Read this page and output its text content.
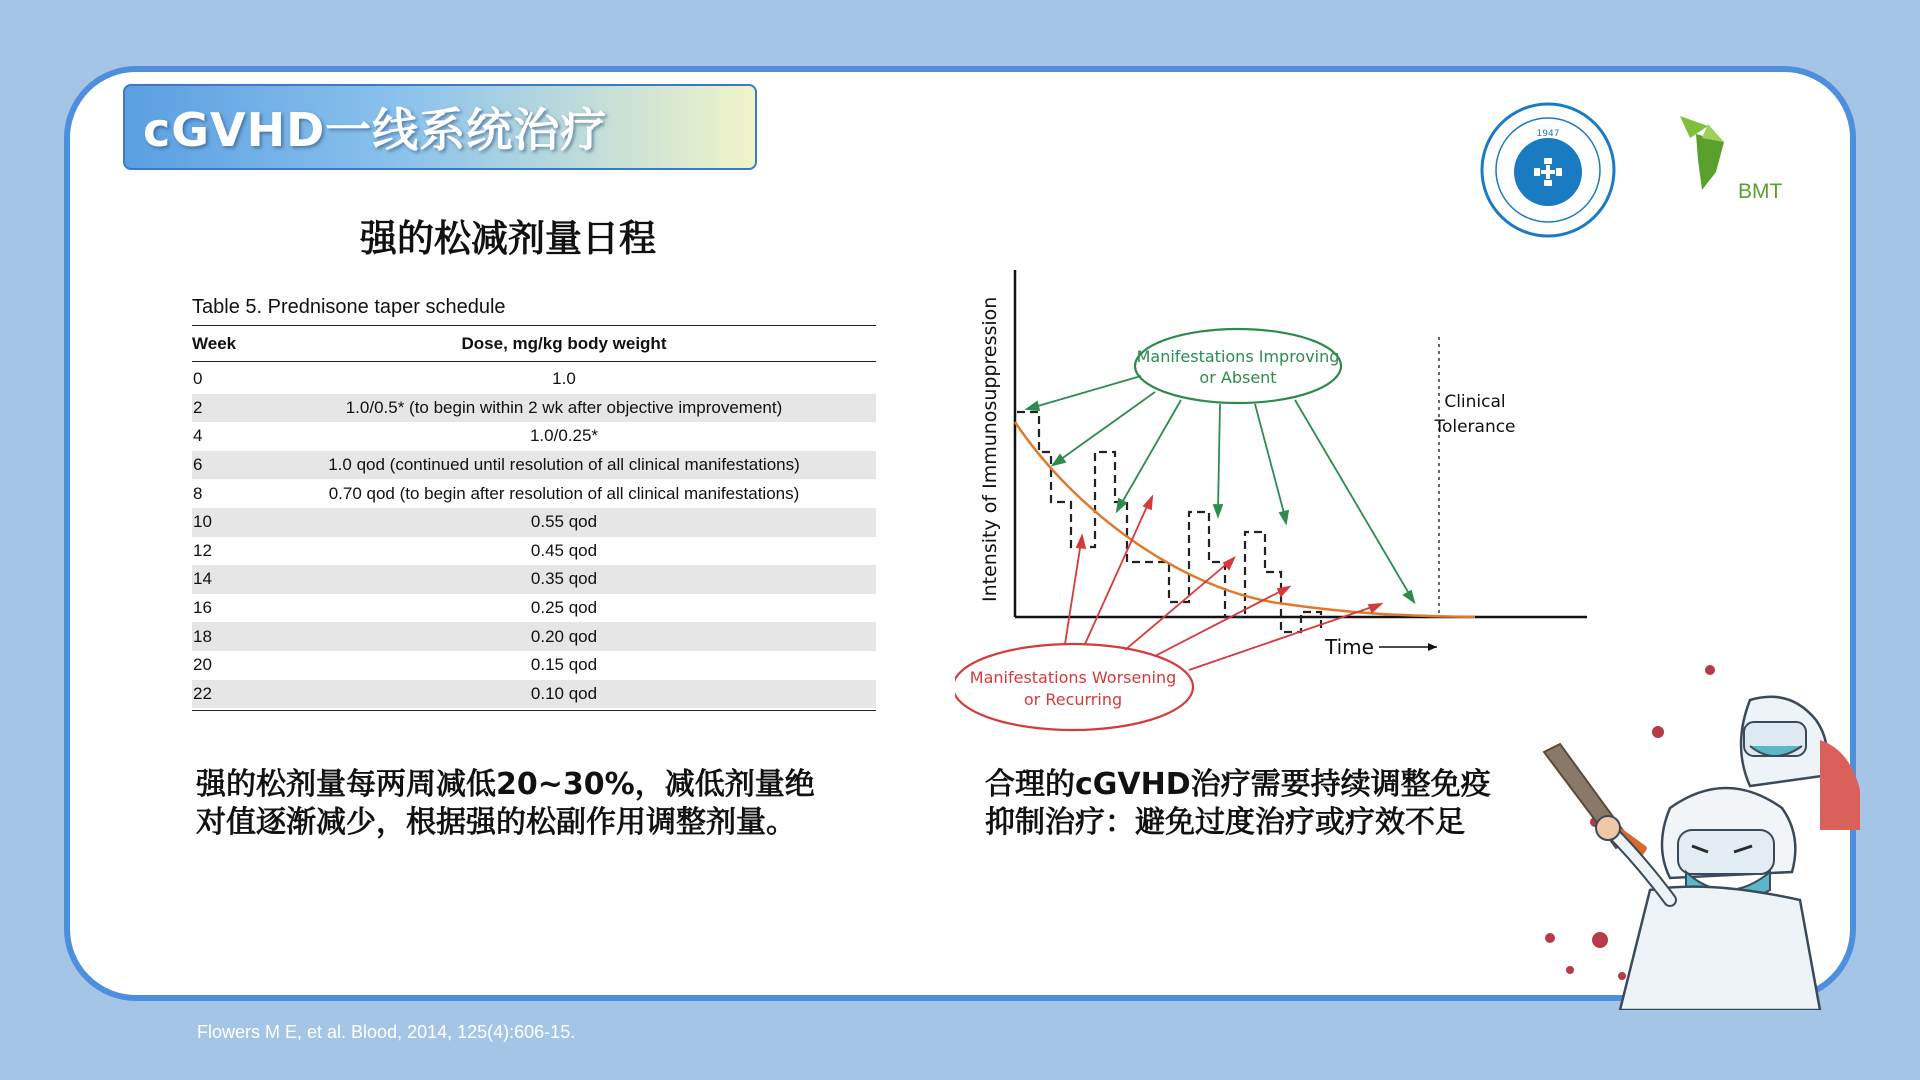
cGVHD一线系统治疗
强的松减剂量日程
1947
BMT
Table 5. Prednisone taper schedule
Week	Dose, mg/kg body weight
0	1.0
2	1.0/0.5* (to begin within 2 wk after objective improvement)
4	1.0/0.25*
6	1.0 qod (continued until resolution of all clinical manifestations)
8	0.70 qod (to begin after resolution of all clinical manifestations)
10	0.55 qod
12	0.45 qod
14	0.35 qod
16	0.25 qod
18	0.20 qod
20	0.15 qod
22	0.10 qod
Intensity of Immunosuppression
Time
Clinical
Tolerance
Manifestations Improving
or Absent
Manifestations Worsening
or Recurring
强的松剂量每两周减低20~30%，减低剂量绝
对值逐渐减少，根据强的松副作用调整剂量。
合理的cGVHD治疗需要持续调整免疫
抑制治疗：避免过度治疗或疗效不足
Flowers M E, et al. Blood, 2014, 125(4):606-15.
